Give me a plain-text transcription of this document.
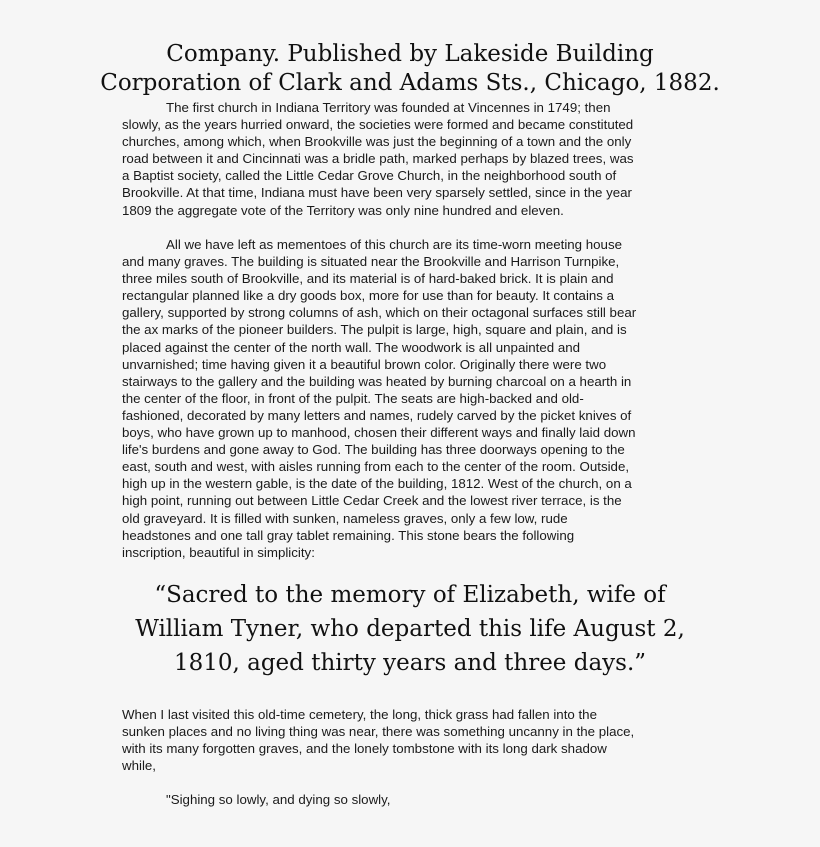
Company. Published by Lakeside Building
Corporation of Clark and Adams Sts., Chicago, 1882.
The first church in Indiana Territory was founded at Vincennes in 1749; then
slowly, as the years hurried onward, the societies were formed and became constituted
churches, among which, when Brookville was just the beginning of a town and the only
road between it and Cincinnati was a bridle path, marked perhaps by blazed trees, was
a Baptist society, called the Little Cedar Grove Church, in the neighborhood south of
Brookville. At that time, Indiana must have been very sparsely settled, since in the year
1809 the aggregate vote of the Territory was only nine hundred and eleven.
All we have left as mementoes of this church are its time-worn meeting house
and many graves. The building is situated near the Brookville and Harrison Turnpike,
three miles south of Brookville, and its material is of hard-baked brick. It is plain and
rectangular planned like a dry goods box, more for use than for beauty. It contains a
gallery, supported by strong columns of ash, which on their octagonal surfaces still bear
the ax marks of the pioneer builders. The pulpit is large, high, square and plain, and is
placed against the center of the north wall. The woodwork is all unpainted and
unvarnished; time having given it a beautiful brown color. Originally there were two
stairways to the gallery and the building was heated by burning charcoal on a hearth in
the center of the floor, in front of the pulpit. The seats are high-backed and old-
fashioned, decorated by many letters and names, rudely carved by the picket knives of
boys, who have grown up to manhood, chosen their different ways and finally laid down
life's burdens and gone away to God. The building has three doorways opening to the
east, south and west, with aisles running from each to the center of the room. Outside,
high up in the western gable, is the date of the building, 1812. West of the church, on a
high point, running out between Little Cedar Creek and the lowest river terrace, is the
old graveyard. It is filled with sunken, nameless graves, only a few low, rude
headstones and one tall gray tablet remaining. This stone bears the following
inscription, beautiful in simplicity:
“Sacred to the memory of Elizabeth, wife of
William Tyner, who departed this life August 2,
1810, aged thirty years and three days.”
When I last visited this old-time cemetery, the long, thick grass had fallen into the
sunken places and no living thing was near, there was something uncanny in the place,
with its many forgotten graves, and the lonely tombstone with its long dark shadow
while,
"Sighing so lowly, and dying so slowly,
